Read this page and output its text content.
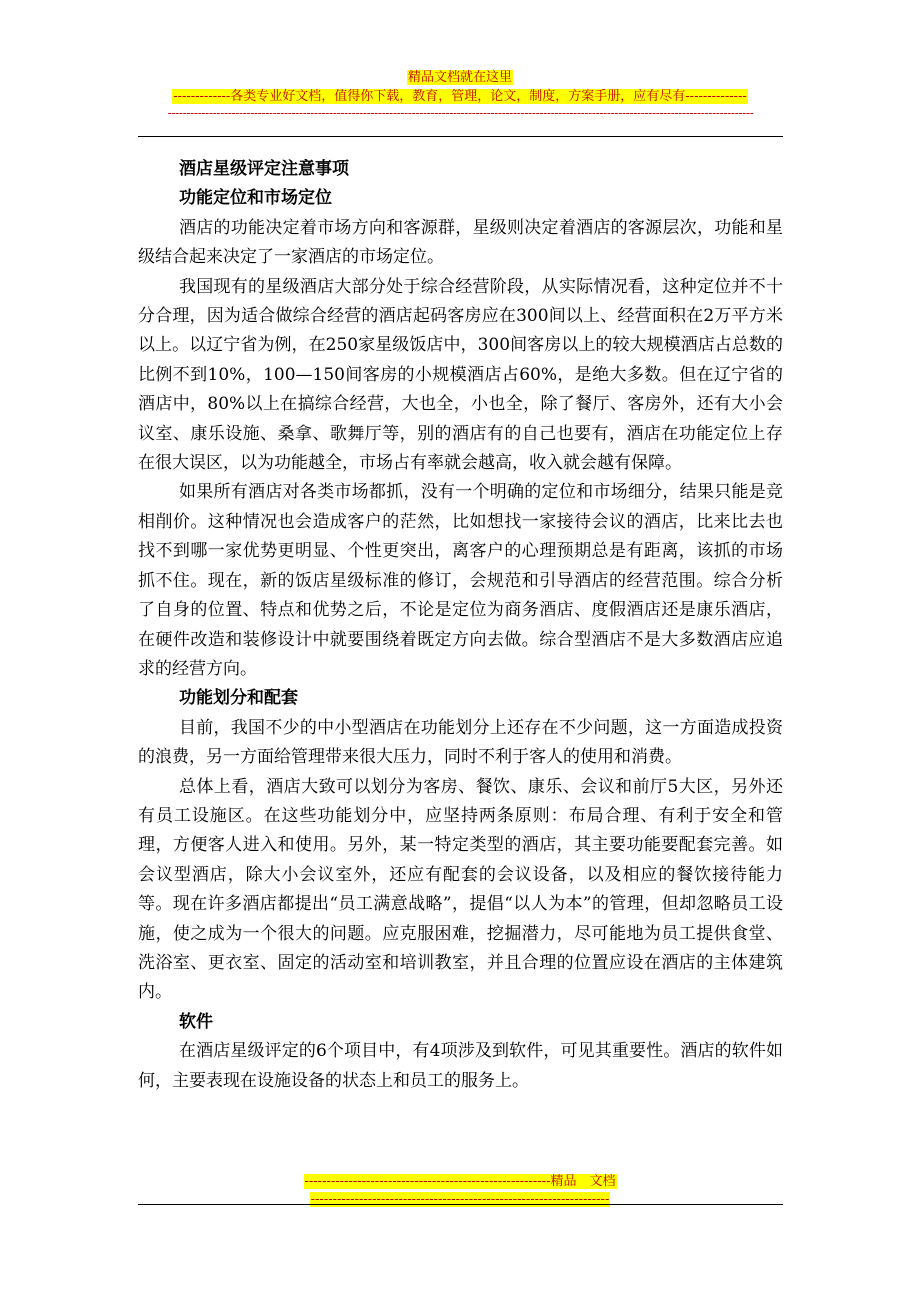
精品文档就在这里
-------------各类专业好文档，值得你下载，教育，管理，论文，制度，方案手册，应有尽有--------------
------------------------------------------------------------------------------------------------------------------------------------------------------------

酒店星级评定注意事项

功能定位和市场定位

酒店的功能决定着市场方向和客源群，星级则决定着酒店的客源层次，功能和星级结合起来决定了一家酒店的市场定位。

我国现有的星级酒店大部分处于综合经营阶段，从实际情况看，这种定位并不十分合理，因为适合做综合经营的酒店起码客房应在300间以上、经营面积在2万平方米以上。以辽宁省为例，在250家星级饭店中，300间客房以上的较大规模酒店占总数的比例不到10%，100—150间客房的小规模酒店占60%，是绝大多数。但在辽宁省的酒店中，80%以上在搞综合经营，大也全，小也全，除了餐厅、客房外，还有大小会议室、康乐设施、桑拿、歌舞厅等，别的酒店有的自己也要有，酒店在功能定位上存在很大误区，以为功能越全，市场占有率就会越高，收入就会越有保障。

如果所有酒店对各类市场都抓，没有一个明确的定位和市场细分，结果只能是竞相削价。这种情况也会造成客户的茫然，比如想找一家接待会议的酒店，比来比去也找不到哪一家优势更明显、个性更突出，离客户的心理预期总是有距离，该抓的市场抓不住。现在，新的饭店星级标准的修订，会规范和引导酒店的经营范围。综合分析了自身的位置、特点和优势之后，不论是定位为商务酒店、度假酒店还是康乐酒店，在硬件改造和装修设计中就要围绕着既定方向去做。综合型酒店不是大多数酒店应追求的经营方向。

功能划分和配套

目前，我国不少的中小型酒店在功能划分上还存在不少问题，这一方面造成投资的浪费，另一方面给管理带来很大压力，同时不利于客人的使用和消费。

总体上看，酒店大致可以划分为客房、餐饮、康乐、会议和前厅5大区，另外还有员工设施区。在这些功能划分中，应坚持两条原则：布局合理、有利于安全和管理，方便客人进入和使用。另外，某一特定类型的酒店，其主要功能要配套完善。如会议型酒店，除大小会议室外，还应有配套的会议设备，以及相应的餐饮接待能力等。现在许多酒店都提出“员工满意战略”，提倡“以人为本”的管理，但却忽略员工设施，使之成为一个很大的问题。应克服困难，挖掘潜力，尽可能地为员工提供食堂、洗浴室、更衣室、固定的活动室和培训教室，并且合理的位置应设在酒店的主体建筑内。

软件

在酒店星级评定的6个项目中，有4项涉及到软件，可见其重要性。酒店的软件如何，主要表现在设施设备的状态上和员工的服务上。

--------------------------------------------------------精品　文档
--------------------------------------------------------------------
